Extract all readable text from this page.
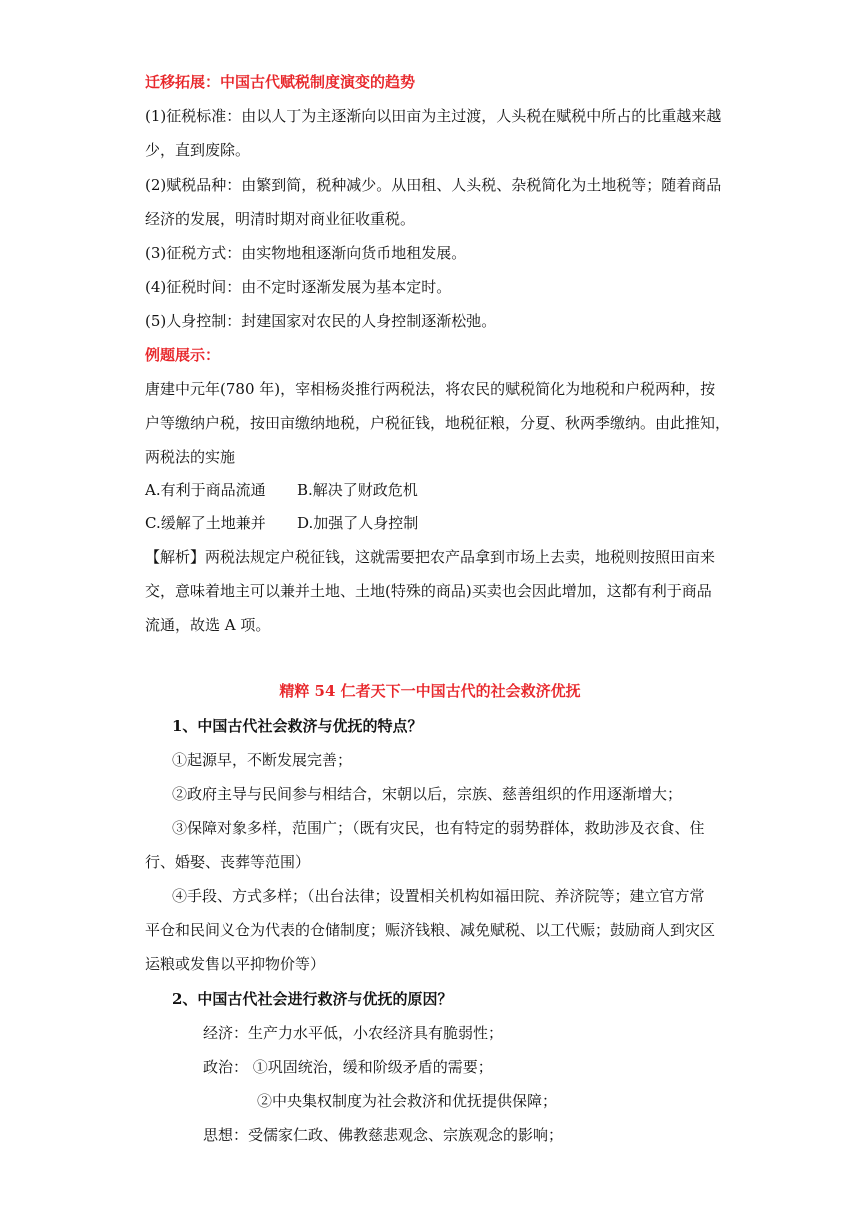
迁移拓展：中国古代赋税制度演变的趋势
(1)征税标准：由以人丁为主逐渐向以田亩为主过渡，人头税在赋税中所占的比重越来越
少，直到废除。
(2)赋税品种：由繁到简，税种减少。从田租、人头税、杂税简化为土地税等；随着商品
经济的发展，明清时期对商业征收重税。
(3)征税方式：由实物地租逐渐向货币地租发展。
(4)征税时间：由不定时逐渐发展为基本定时。
(5)人身控制：封建国家对农民的人身控制逐渐松弛。
例题展示：
唐建中元年(780 年)，宰相杨炎推行两税法，将农民的赋税简化为地税和户税两种，按
户等缴纳户税，按田亩缴纳地税，户税征钱，地税征粮，分夏、秋两季缴纳。由此推知，
两税法的实施
A.有利于商品流通 B.解决了财政危机
C.缓解了土地兼并 D.加强了人身控制
【解析】两税法规定户税征钱，这就需要把农产品拿到市场上去卖，地税则按照田亩来
交，意味着地主可以兼并土地、土地(特殊的商品)买卖也会因此增加，这都有利于商品
流通，故选 A 项。
精粹 54 仁者天下一中国古代的社会救济优抚
1、中国古代社会救济与优抚的特点？
①起源早，不断发展完善；
②政府主导与民间参与相结合，宋朝以后，宗族、慈善组织的作用逐渐增大；
③保障对象多样，范围广；（既有灾民，也有特定的弱势群体，救助涉及衣食、住
行、婚娶、丧葬等范围）
④手段、方式多样；（出台法律；设置相关机构如福田院、养济院等；建立官方常
平仓和民间义仓为代表的仓储制度；赈济钱粮、减免赋税、以工代赈；鼓励商人到灾区
运粮或发售以平抑物价等）
2、中国古代社会进行救济与优抚的原因？
经济：生产力水平低，小农经济具有脆弱性；
政治： ①巩固统治，缓和阶级矛盾的需要；
②中央集权制度为社会救济和优抚提供保障；
思想：受儒家仁政、佛教慈悲观念、宗族观念的影响；
